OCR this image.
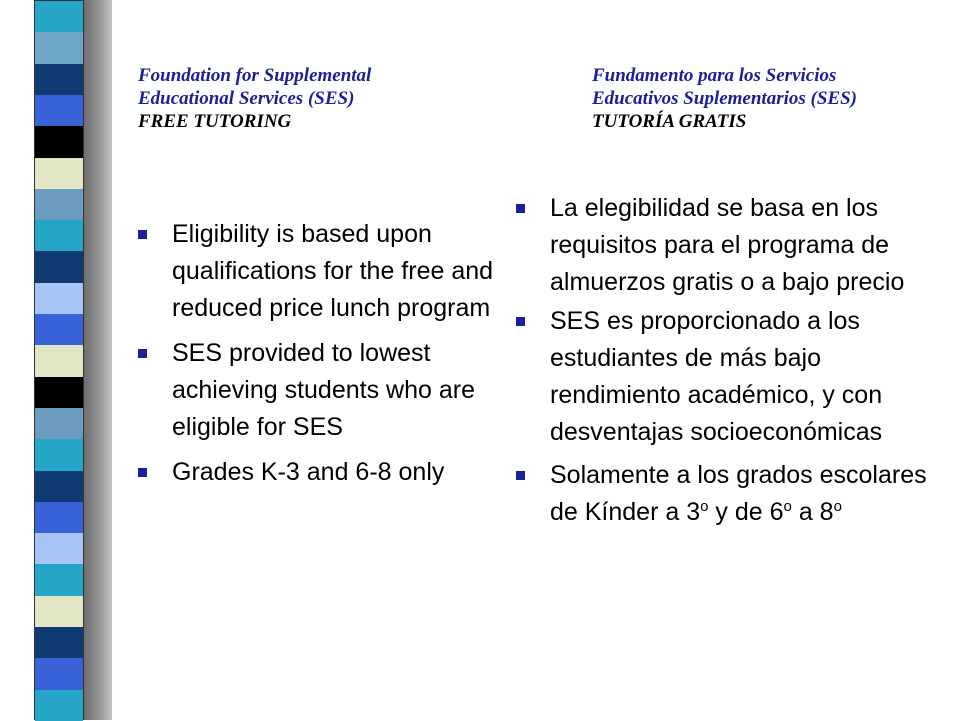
Foundation for Supplemental
Educational Services (SES)
FREE TUTORING
Fundamento para los Servicios
Educativos Suplementarios (SES)
TUTORÍA GRATIS
Eligibility is based upon qualifications for the free and reduced price lunch program
SES provided to lowest achieving students who are eligible for SES
Grades K-3 and 6-8 only
La elegibilidad se basa en los requisitos para el programa de almuerzos gratis o a bajo precio
SES es proporcionado a los estudiantes de más bajo rendimiento académico, y con desventajas socioeconómicas
Solamente a los grados escolares de Kínder a 3$^o$ y de 6$^o$ a 8$^o$
